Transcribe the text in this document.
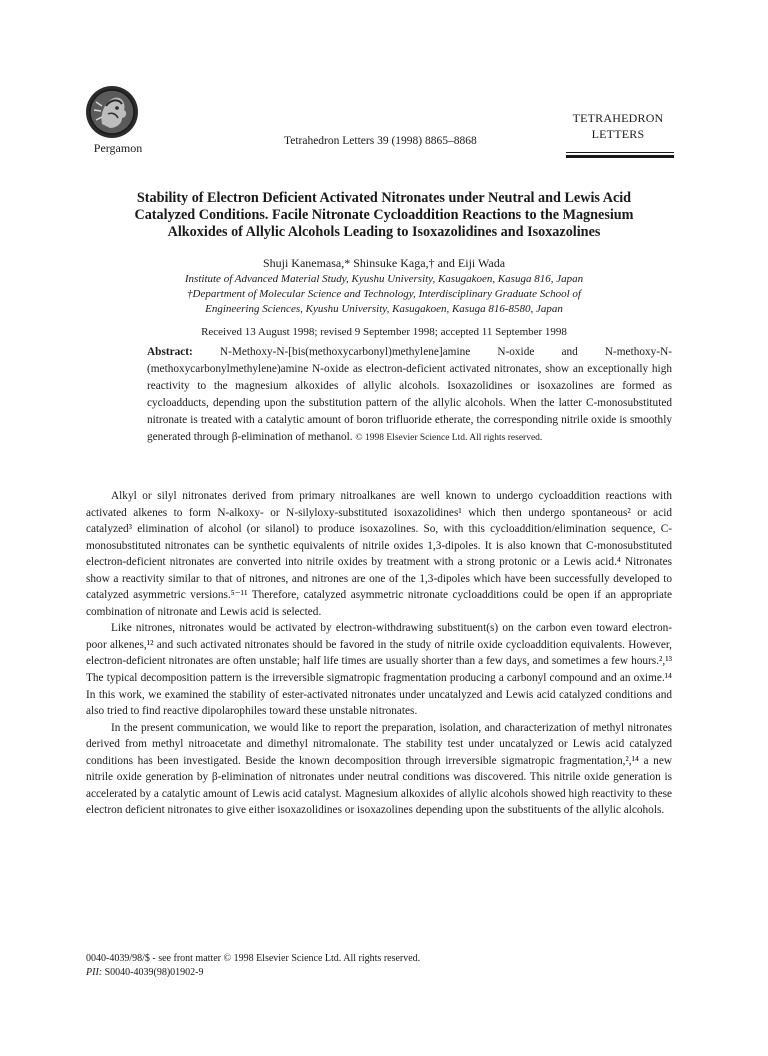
Pergamon	Tetrahedron Letters 39 (1998) 8865–8868
TETRAHEDRON
LETTERS
Stability of Electron Deficient Activated Nitronates under Neutral and Lewis Acid
Catalyzed Conditions. Facile Nitronate Cycloaddition Reactions to the Magnesium
Alkoxides of Allylic Alcohols Leading to Isoxazolidines and Isoxazolines
Shuji Kanemasa,* Shinsuke Kaga,† and Eiji Wada
Institute of Advanced Material Study, Kyushu University, Kasugakoen, Kasuga 816, Japan
†Department of Molecular Science and Technology, Interdisciplinary Graduate School of
Engineering Sciences, Kyushu University, Kasugakoen, Kasuga 816-8580, Japan
Received 13 August 1998; revised 9 September 1998; accepted 11 September 1998
Abstract: N-Methoxy-N-[bis(methoxycarbonyl)methylene]amine N-oxide and N-methoxy-N-(methoxycarbonylmethylene)amine N-oxide as electron-deficient activated nitronates, show an exceptionally high reactivity to the magnesium alkoxides of allylic alcohols. Isoxazolidines or isoxazolines are formed as cycloadducts, depending upon the substitution pattern of the allylic alcohols. When the latter C-monosubstituted nitronate is treated with a catalytic amount of boron trifluoride etherate, the corresponding nitrile oxide is smoothly generated through β-elimination of methanol. © 1998 Elsevier Science Ltd. All rights reserved.

Alkyl or silyl nitronates derived from primary nitroalkanes are well known to undergo cycloaddition reactions with activated alkenes to form N-alkoxy- or N-silyloxy-substituted isoxazolidines¹ which then undergo spontaneous² or acid catalyzed³ elimination of alcohol (or silanol) to produce isoxazolines. So, with this cycloaddition/elimination sequence, C-monosubstituted nitronates can be synthetic equivalents of nitrile oxides 1,3-dipoles. It is also known that C-monosubstituted electron-deficient nitronates are converted into nitrile oxides by treatment with a strong protonic or a Lewis acid.⁴ Nitronates show a reactivity similar to that of nitrones, and nitrones are one of the 1,3-dipoles which have been successfully developed to catalyzed asymmetric versions.⁵⁻¹¹ Therefore, catalyzed asymmetric nitronate cycloadditions could be open if an appropriate combination of nitronate and Lewis acid is selected.

Like nitrones, nitronates would be activated by electron-withdrawing substituent(s) on the carbon even toward electron-poor alkenes,¹² and such activated nitronates should be favored in the study of nitrile oxide cycloaddition equivalents. However, electron-deficient nitronates are often unstable; half life times are usually shorter than a few days, and sometimes a few hours.²,¹³ The typical decomposition pattern is the irreversible sigmatropic fragmentation producing a carbonyl compound and an oxime.¹⁴ In this work, we examined the stability of ester-activated nitronates under uncatalyzed and Lewis acid catalyzed conditions and also tried to find reactive dipolarophiles toward these unstable nitronates.

In the present communication, we would like to report the preparation, isolation, and characterization of methyl nitronates derived from methyl nitroacetate and dimethyl nitromalonate. The stability test under uncatalyzed or Lewis acid catalyzed conditions has been investigated. Beside the known decomposition through irreversible sigmatropic fragmentation,²,¹⁴ a new nitrile oxide generation by β-elimination of nitronates under neutral conditions was discovered. This nitrile oxide generation is accelerated by a catalytic amount of Lewis acid catalyst. Magnesium alkoxides of allylic alcohols showed high reactivity to these electron deficient nitronates to give either isoxazolidines or isoxazolines depending upon the substituents of the allylic alcohols.

0040-4039/98/$ - see front matter © 1998 Elsevier Science Ltd. All rights reserved.
PII: S0040-4039(98)01902-9
